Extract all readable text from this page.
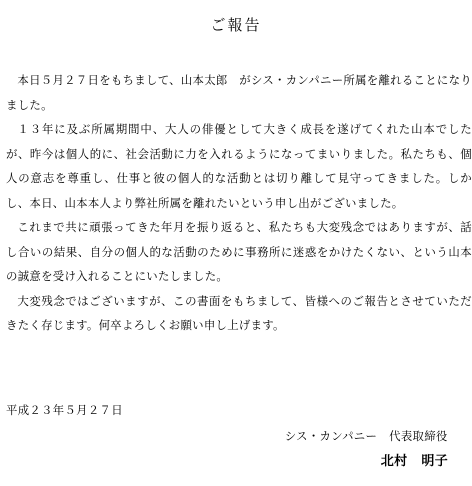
ご報告

本日５月２７日をもちまして、山本太郎　がシス・カンパニー所属を離れることになりました。

１３年に及ぶ所属期間中、大人の俳優として大きく成長を遂げてくれた山本でしたが、昨今は個人的に、社会活動に力を入れるようになってまいりました。私たちも、個人の意志を尊重し、仕事と彼の個人的な活動とは切り離して見守ってきました。しかし、本日、山本本人より弊社所属を離れたいという申し出がございました。

これまで共に頑張ってきた年月を振り返ると、私たちも大変残念ではありますが、話し合いの結果、自分の個人的な活動のために事務所に迷惑をかけたくない、という山本の誠意を受け入れることにいたしました。

大変残念ではございますが、この書面をもちまして、皆様へのご報告とさせていただきたく存じます。何卒よろしくお願い申し上げます。

平成２３年５月２７日
シス・カンパニー 代表取締役
北村 明子
